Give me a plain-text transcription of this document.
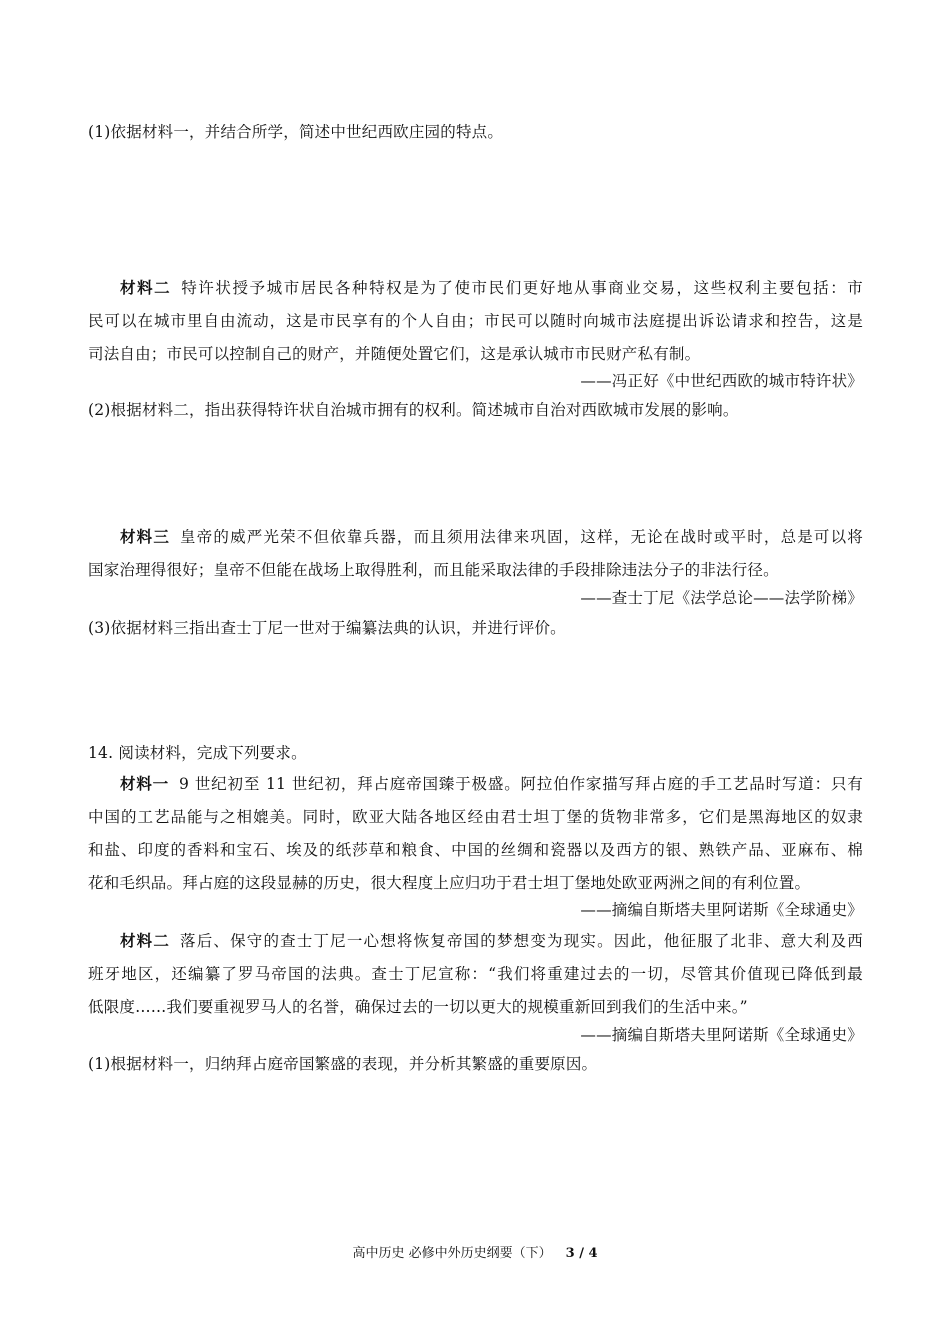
(1)依据材料一，并结合所学，简述中世纪西欧庄园的特点。
材料二 特许状授予城市居民各种特权是为了使市民们更好地从事商业交易，这些权利主要包括：市
民可以在城市里自由流动，这是市民享有的个人自由；市民可以随时向城市法庭提出诉讼请求和控告，这是
司法自由；市民可以控制自己的财产，并随便处置它们，这是承认城市市民财产私有制。
——冯正好《中世纪西欧的城市特许状》
(2)根据材料二，指出获得特许状自治城市拥有的权利。简述城市自治对西欧城市发展的影响。
材料三 皇帝的威严光荣不但依靠兵器，而且须用法律来巩固，这样，无论在战时或平时，总是可以将
国家治理得很好；皇帝不但能在战场上取得胜利，而且能采取法律的手段排除违法分子的非法行径。
——查士丁尼《法学总论——法学阶梯》
(3)依据材料三指出查士丁尼一世对于编纂法典的认识，并进行评价。
14. 阅读材料，完成下列要求。
材料一 9 世纪初至 11 世纪初，拜占庭帝国臻于极盛。阿拉伯作家描写拜占庭的手工艺品时写道：只有
中国的工艺品能与之相媲美。同时，欧亚大陆各地区经由君士坦丁堡的货物非常多，它们是黑海地区的奴隶
和盐、印度的香料和宝石、埃及的纸莎草和粮食、中国的丝绸和瓷器以及西方的银、熟铁产品、亚麻布、棉
花和毛织品。拜占庭的这段显赫的历史，很大程度上应归功于君士坦丁堡地处欧亚两洲之间的有利位置。
——摘编自斯塔夫里阿诺斯《全球通史》
材料二 落后、保守的查士丁尼一心想将恢复帝国的梦想变为现实。因此，他征服了北非、意大利及西
班牙地区，还编纂了罗马帝国的法典。查士丁尼宣称：“我们将重建过去的一切，尽管其价值现已降低到最
低限度……我们要重视罗马人的名誉，确保过去的一切以更大的规模重新回到我们的生活中来。”
——摘编自斯塔夫里阿诺斯《全球通史》
(1)根据材料一，归纳拜占庭帝国繁盛的表现，并分析其繁盛的重要原因。
高中历史 必修中外历史纲要（下） 3 / 4
